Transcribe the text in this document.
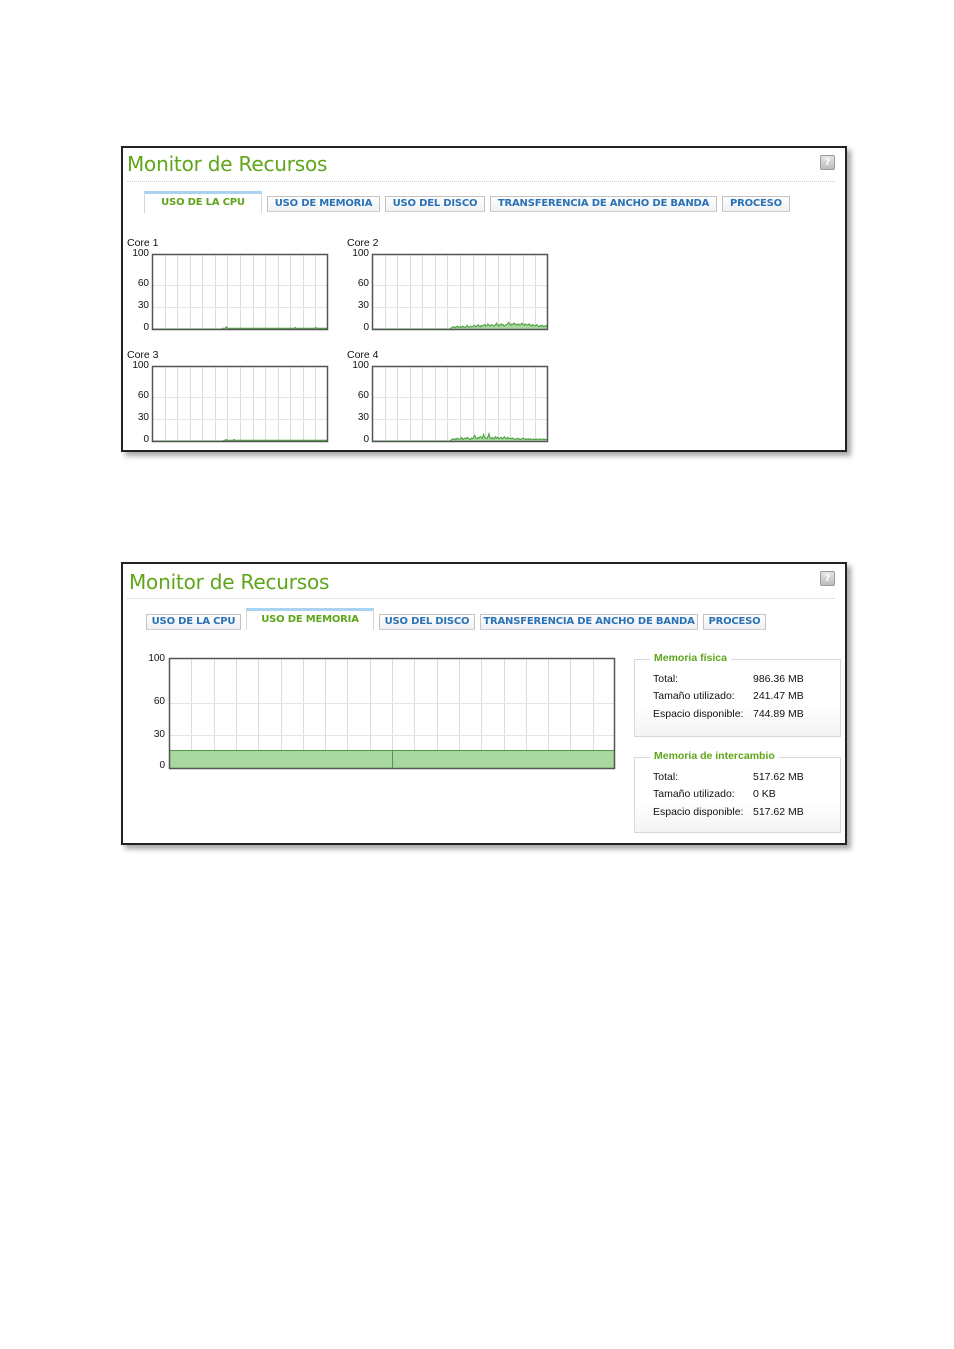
Monitor de Recursos	?
USO DE LA CPU	USO DE MEMORIA	USO DEL DISCO	TRANSFERENCIA DE ANCHO DE BANDA	PROCESO
Core 1
100
60
30
0
Core 2
100
60
30
0
Core 3
100
60
30
0
Core 4
100
60
30
0
Monitor de Recursos	?
USO DE LA CPU	USO DE MEMORIA	USO DEL DISCO	TRANSFERENCIA DE ANCHO DE BANDA	PROCESO
100
60
30
0
Memoria física
Total:	986.36 MB
Tamaño utilizado: 241.47 MB
Espacio disponible: 744.89 MB
Memoria de intercambio
Total:	517.62 MB
Tamaño utilizado: 0 KB
Espacio disponible: 517.62 MB
